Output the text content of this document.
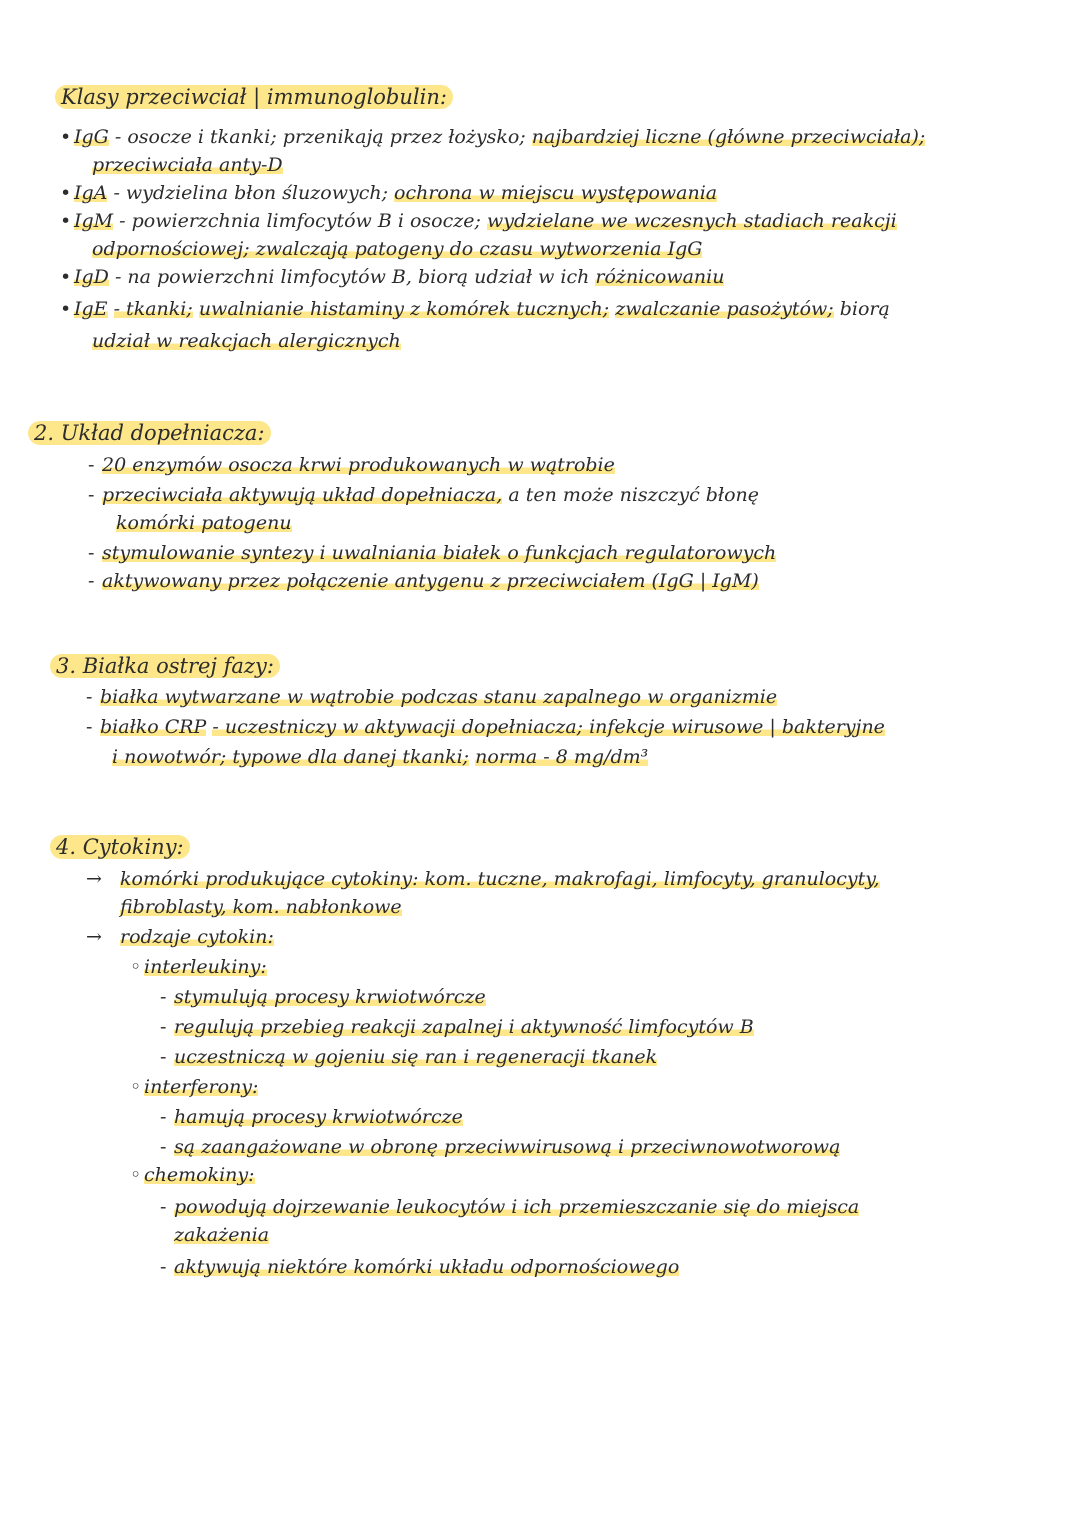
Klasy przeciwciał | immunoglobulin:
• IgG - osocze i tkanki; przenikają przez łożysko; najbardziej liczne (główne przeciwciała);
przeciwciała anty-D
• IgA - wydzielina błon śluzowych; ochrona w miejscu występowania
• IgM - powierzchnia limfocytów B i osocze; wydzielane we wczesnych stadiach reakcji
odpornościowej; zwalczają patogeny do czasu wytworzenia IgG
• IgD - na powierzchni limfocytów B, biorą udział w ich różnicowaniu
• IgE - tkanki; uwalnianie histaminy z komórek tucznych; zwalczanie pasożytów; biorą
udział w reakcjach alergicznych
2. Układ dopełniacza:
- 20 enzymów osocza krwi produkowanych w wątrobie
- przeciwciała aktywują układ dopełniacza, a ten może niszczyć błonę
komórki patogenu
- stymulowanie syntezy i uwalniania białek o funkcjach regulatorowych
- aktywowany przez połączenie antygenu z przeciwciałem (IgG | IgM)
3. Białka ostrej fazy:
- białka wytwarzane w wątrobie podczas stanu zapalnego w organizmie
- białko CRP - uczestniczy w aktywacji dopełniacza; infekcje wirusowe | bakteryjne
i nowotwór; typowe dla danej tkanki; norma - 8 mg/dm³
4. Cytokiny:
→ komórki produkujące cytokiny: kom. tuczne, makrofagi, limfocyty, granulocyty,
fibroblasty, kom. nabłonkowe
→ rodzaje cytokin:
◦ interleukiny:
- stymulują procesy krwiotwórcze
- regulują przebieg reakcji zapalnej i aktywność limfocytów B
- uczestniczą w gojeniu się ran i regeneracji tkanek
◦ interferony:
- hamują procesy krwiotwórcze
- są zaangażowane w obronę przeciwwirusową i przeciwnowotworową
◦ chemokiny:
- powodują dojrzewanie leukocytów i ich przemieszczanie się do miejsca
zakażenia
- aktywują niektóre komórki układu odpornościowego
